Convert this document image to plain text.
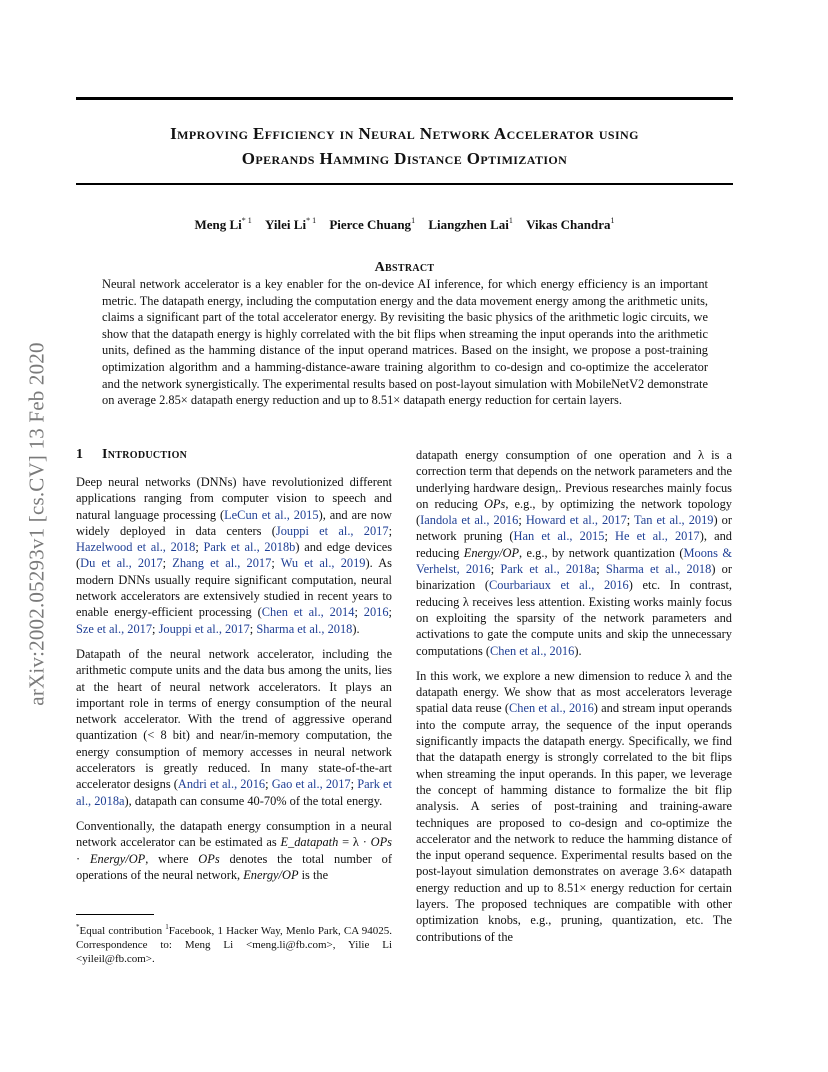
Improving Efficiency in Neural Network Accelerator using
Operands Hamming Distance Optimization
Meng Li$^{* 1}$ Yilei Li$^{* 1}$ Pierce Chuang$^1$ Liangzhen Lai$^1$ Vikas Chandra$^1$
Abstract
Neural network accelerator is a key enabler for the on-device AI inference, for which energy efficiency is an important metric. The datapath energy, including the computation energy and the data movement energy among the arithmetic units, claims a significant part of the total accelerator energy. By revisiting the basic physics of the arithmetic logic circuits, we show that the datapath energy is highly correlated with the bit flips when streaming the input operands into the arithmetic units, defined as the hamming distance of the input operand matrices. Based on the insight, we propose a post-training optimization algorithm and a hamming-distance-aware training algorithm to co-design and co-optimize the accelerator and the network synergistically. The experimental results based on post-layout simulation with MobileNetV2 demonstrate on average 2.85× datapath energy reduction and up to 8.51× datapath energy reduction for certain layers.
arXiv:2002.05293v1 [cs.CV] 13 Feb 2020 1 Introduction

Deep neural networks (DNNs) have revolutionized different applications ranging from computer vision to speech and natural language processing (LeCun et al., 2015), and are now widely deployed in data centers (Jouppi et al., 2017; Hazelwood et al., 2018; Park et al., 2018b) and edge devices (Du et al., 2017; Zhang et al., 2017; Wu et al., 2019). As modern DNNs usually require significant computation, neural network accelerators are extensively studied in recent years to enable energy-efficient processing (Chen et al., 2014; 2016; Sze et al., 2017; Jouppi et al., 2017; Sharma et al., 2018).

Datapath of the neural network accelerator, including the arithmetic compute units and the data bus among the units, lies at the heart of neural network accelerators. It plays an important role in terms of energy consumption of the neural network accelerator. With the trend of aggressive operand quantization (< 8 bit) and near/in-memory computation, the energy consumption of memory accesses in neural network accelerators is greatly reduced. In many state-of-the-art accelerator designs (Andri et al., 2016; Gao et al., 2017; Park et al., 2018a), datapath can consume 40-70% of the total energy.

Conventionally, the datapath energy consumption in a neural network accelerator can be estimated as E_datapath = λ · OPs · Energy/OP, where OPs denotes the total number of operations of the neural network, Energy/OP is the

*Equal contribution $^1$Facebook, 1 Hacker Way, Menlo Park, CA 94025. Correspondence to: Meng Li <meng.li@fb.com>, Yilie Li <yileil@fb.com>.

datapath energy consumption of one operation and λ is a correction term that depends on the network parameters and the underlying hardware design,. Previous researches mainly focus on reducing OPs, e.g., by optimizing the network topology (Iandola et al., 2016; Howard et al., 2017; Tan et al., 2019) or network pruning (Han et al., 2015; He et al., 2017), and reducing Energy/OP, e.g., by network quantization (Moons & Verhelst, 2016; Park et al., 2018a; Sharma et al., 2018) or binarization (Courbariaux et al., 2016) etc. In contrast, reducing λ receives less attention. Existing works mainly focus on exploiting the sparsity of the network parameters and activations to gate the compute units and skip the unnecessary computations (Chen et al., 2016).

In this work, we explore a new dimension to reduce λ and the datapath energy. We show that as most accelerators leverage spatial data reuse (Chen et al., 2016) and stream input operands into the compute array, the sequence of the input operands significantly impacts the datapath energy. Specifically, we find that the datapath energy is strongly correlated to the bit flips when streaming the input operands. In this paper, we leverage the concept of hamming distance to formalize the bit flip analysis. A series of post-training and training-aware techniques are proposed to co-design and co-optimize the accelerator and the network to reduce the hamming distance of the input operand sequence. Experimental results based on the post-layout simulation demonstrates on average 3.6× datapath energy reduction and up to 8.51× energy reduction for certain layers. The proposed techniques are compatible with other optimization knobs, e.g., pruning, quantization, etc. The contributions of the
